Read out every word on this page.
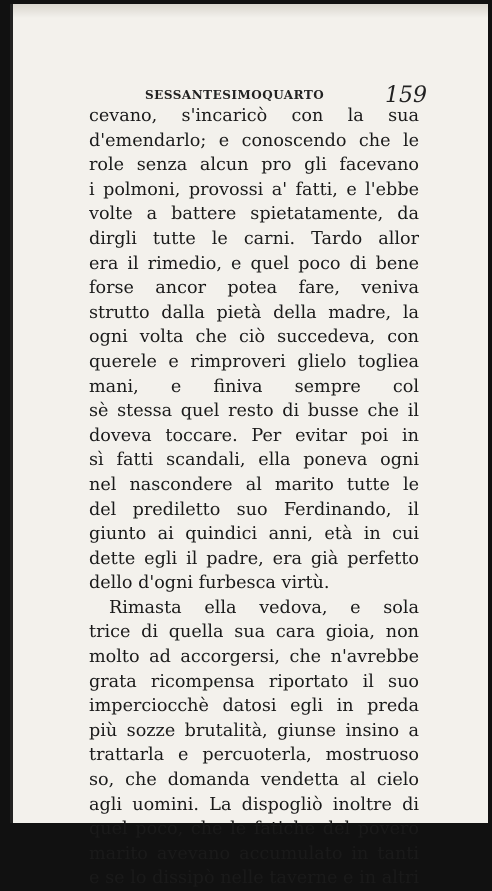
SESSANTESIMOQUARTO	159
cevano, s'incaricò con la sua
d'emendarlo; e conoscendo che le
role senza alcun pro gli facevano
i polmoni, provossi a' fatti, e l'ebbe
volte a battere spietatamente, da
dirgli tutte le carni. Tardo allor
era il rimedio, e quel poco di bene
forse ancor potea fare, veniva
strutto dalla pietà della madre, la
ogni volta che ciò succedeva, con
querele e rimproveri glielo togliea
mani, e finiva sempre col
sè stessa quel resto di busse che il
doveva toccare. Per evitar poi in
sì fatti scandali, ella poneva ogni
nel nascondere al marito tutte le
del prediletto suo Ferdinando, il
giunto ai quindici anni, età in cui
dette egli il padre, era già perfetto
dello d'ogni furbesca virtù.
Rimasta ella vedova, e sola
trice di quella sua cara gioia, non
molto ad accorgersi, che n'avrebbe
grata ricompensa riportato il suo
imperciocchè datosi egli in preda
più sozze brutalità, giunse insino a
trattarla e percuoterla, mostruoso
so, che domanda vendetta al cielo
agli uomini. La dispogliò inoltre di
quel poco, che le fatiche del povero
marito avevano accumulato in tanti
e se lo dissipò nelle taverne e in altri
